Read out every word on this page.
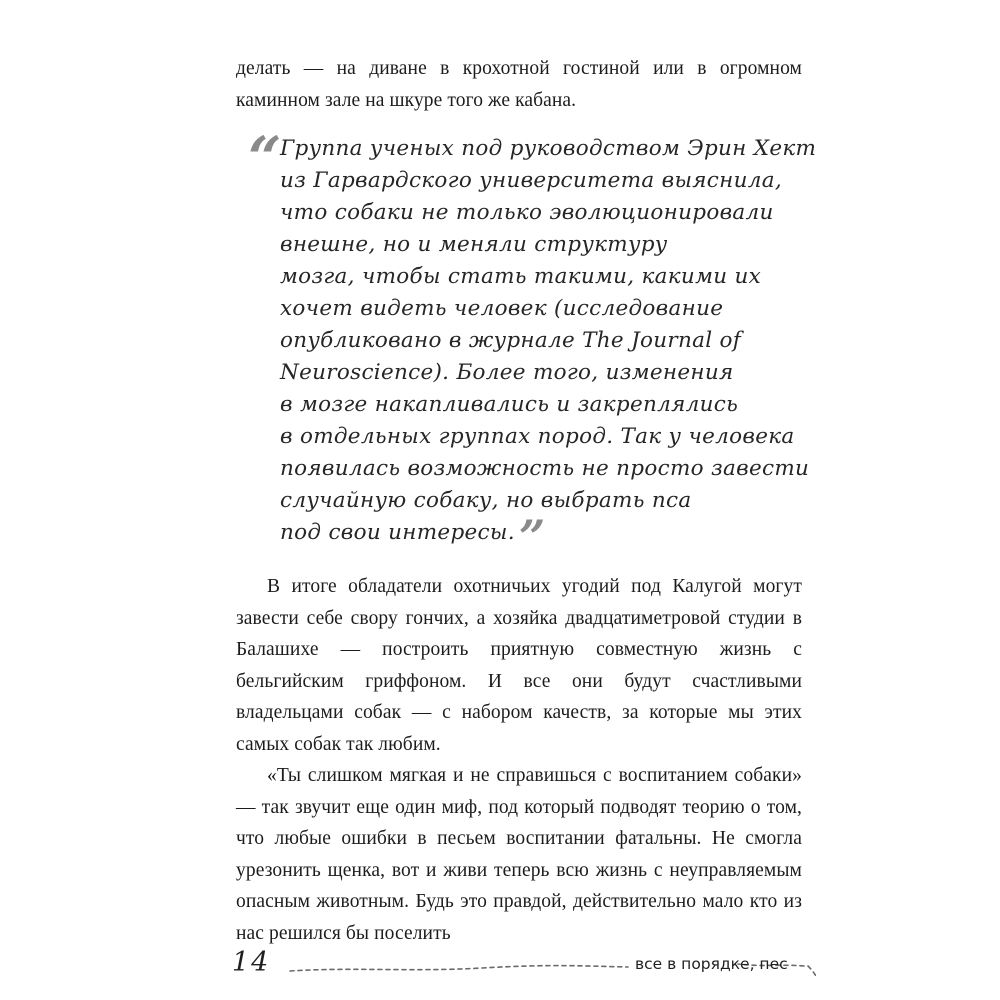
делать — на диване в крохотной гостиной или в огромном

каминном зале на шкуре того же кабана.

“
Группа ученых под руководством Эрин Хект
из Гарвардского университета выяснила,
что собаки не только эволюционировали
внешне, но и меняли структуру
мозга, чтобы стать такими, какими их
хочет видеть человек (исследование
опубликовано в журнале The Journal of
Neuroscience). Более того, изменения
в мозге накапливались и закреплялись
в отдельных группах пород. Так у человека
появилась возможность не просто завести
случайную собаку, но выбрать пса
под свои интересы.”

В итоге обладатели охотничьих угодий под Калугой могут завести себе свору гончих, а хозяйка двадцатиметровой студии в Балашихе — построить приятную совместную жизнь с бельгийским гриффоном. И все они будут счастливыми владельцами собак — с набором качеств, за которые мы этих самых собак так любим.

«Ты слишком мягкая и не справишься с воспитанием собаки» — так звучит еще один миф, под который подводят теорию о том, что любые ошибки в песьем воспитании фатальны. Не смогла урезонить щенка, вот и живи теперь всю жизнь с неуправляемым опасным животным. Будь это правдой, действительно мало кто из нас решился бы поселить

14	все в порядке, пес
